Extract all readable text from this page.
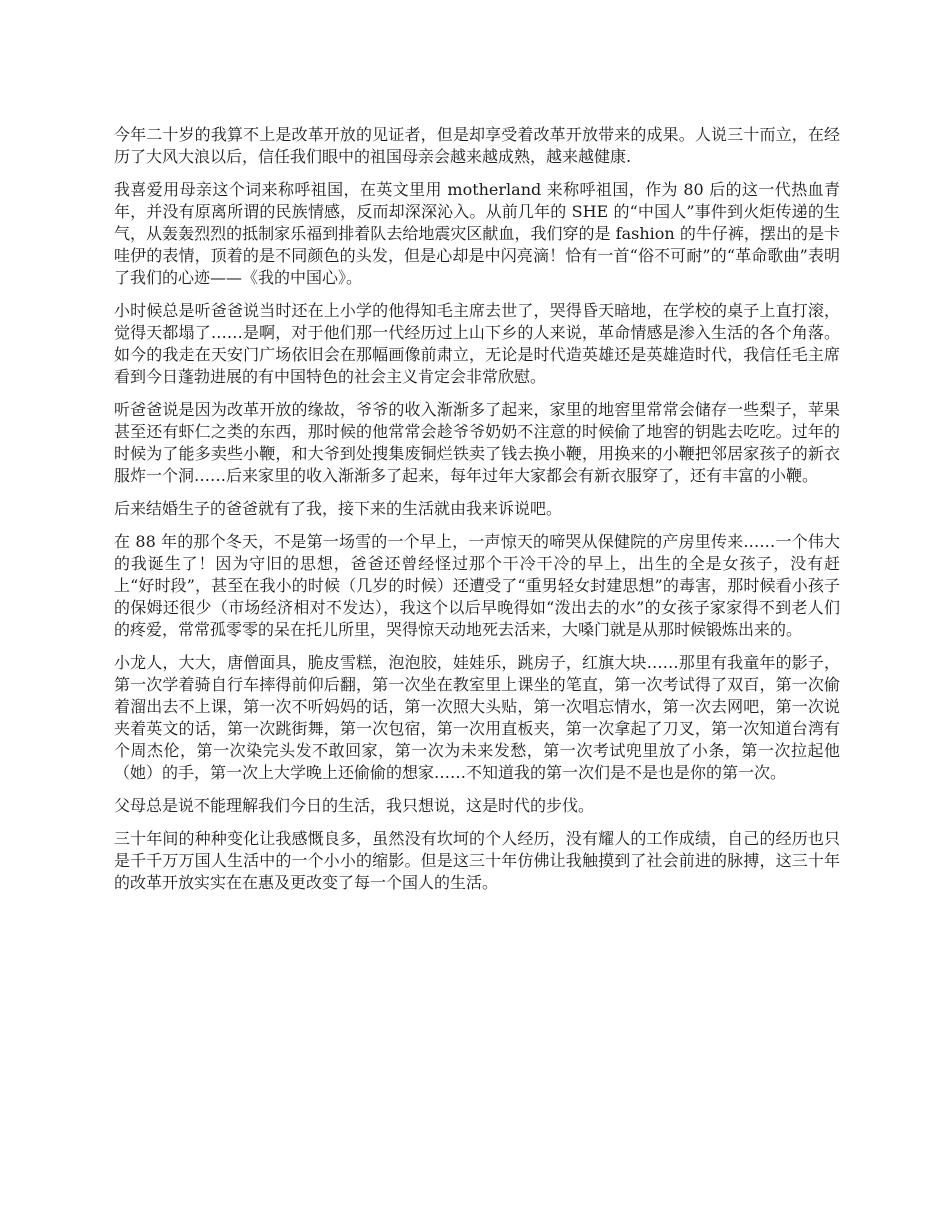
今年二十岁的我算不上是改革开放的见证者，但是却享受着改革开放带来的成果。人说三十而立，在经历了大风大浪以后，信任我们眼中的祖国母亲会越来越成熟，越来越健康.

我喜爱用母亲这个词来称呼祖国，在英文里用 motherland 来称呼祖国，作为 80 后的这一代热血青年，并没有原离所谓的民族情感，反而却深深沁入。从前几年的 SHE 的“中国人”事件到火炬传递的生气，从轰轰烈烈的抵制家乐福到排着队去给地震灾区献血，我们穿的是 fashion 的牛仔裤，摆出的是卡哇伊的表情，顶着的是不同颜色的头发，但是心却是中闪亮滴！恰有一首“俗不可耐”的“革命歌曲”表明了我们的心迹——《我的中国心》。

小时候总是听爸爸说当时还在上小学的他得知毛主席去世了，哭得昏天暗地，在学校的桌子上直打滚，觉得天都塌了……是啊，对于他们那一代经历过上山下乡的人来说，革命情感是渗入生活的各个角落。如今的我走在天安门广场依旧会在那幅画像前肃立，无论是时代造英雄还是英雄造时代，我信任毛主席看到今日蓬勃进展的有中国特色的社会主义肯定会非常欣慰。

听爸爸说是因为改革开放的缘故，爷爷的收入渐渐多了起来，家里的地窖里常常会储存一些梨子，苹果甚至还有虾仁之类的东西，那时候的他常常会趁爷爷奶奶不注意的时候偷了地窖的钥匙去吃吃。过年的时候为了能多卖些小鞭，和大爷到处搜集废铜烂铁卖了钱去换小鞭，用换来的小鞭把邻居家孩子的新衣服炸一个洞……后来家里的收入渐渐多了起来，每年过年大家都会有新衣服穿了，还有丰富的小鞭。

后来结婚生子的爸爸就有了我，接下来的生活就由我来诉说吧。

在 88 年的那个冬天，不是第一场雪的一个早上，一声惊天的啼哭从保健院的产房里传来……一个伟大的我诞生了！因为守旧的思想，爸爸还曾经怪过那个干冷干冷的早上，出生的全是女孩子，没有赶上“好时段”，甚至在我小的时候（几岁的时候）还遭受了“重男轻女封建思想”的毒害，那时候看小孩子的保姆还很少（市场经济相对不发达），我这个以后早晚得如“泼出去的水”的女孩子家家得不到老人们的疼爱，常常孤零零的呆在托儿所里，哭得惊天动地死去活来，大嗓门就是从那时候锻炼出来的。

小龙人，大大，唐僧面具，脆皮雪糕，泡泡胶，娃娃乐，跳房子，红旗大块……那里有我童年的影子，第一次学着骑自行车摔得前仰后翻，第一次坐在教室里上课坐的笔直，第一次考试得了双百，第一次偷着溜出去不上课，第一次不听妈妈的话，第一次照大头贴，第一次唱忘情水，第一次去网吧，第一次说夹着英文的话，第一次跳街舞，第一次包宿，第一次用直板夹，第一次拿起了刀叉，第一次知道台湾有个周杰伦，第一次染完头发不敢回家，第一次为未来发愁，第一次考试兜里放了小条，第一次拉起他（她）的手，第一次上大学晚上还偷偷的想家……不知道我的第一次们是不是也是你的第一次。

父母总是说不能理解我们今日的生活，我只想说，这是时代的步伐。

三十年间的种种变化让我感慨良多，虽然没有坎坷的个人经历，没有耀人的工作成绩，自己的经历也只是千千万万国人生活中的一个小小的缩影。但是这三十年仿佛让我触摸到了社会前进的脉搏，这三十年的改革开放实实在在惠及更改变了每一个国人的生活。
